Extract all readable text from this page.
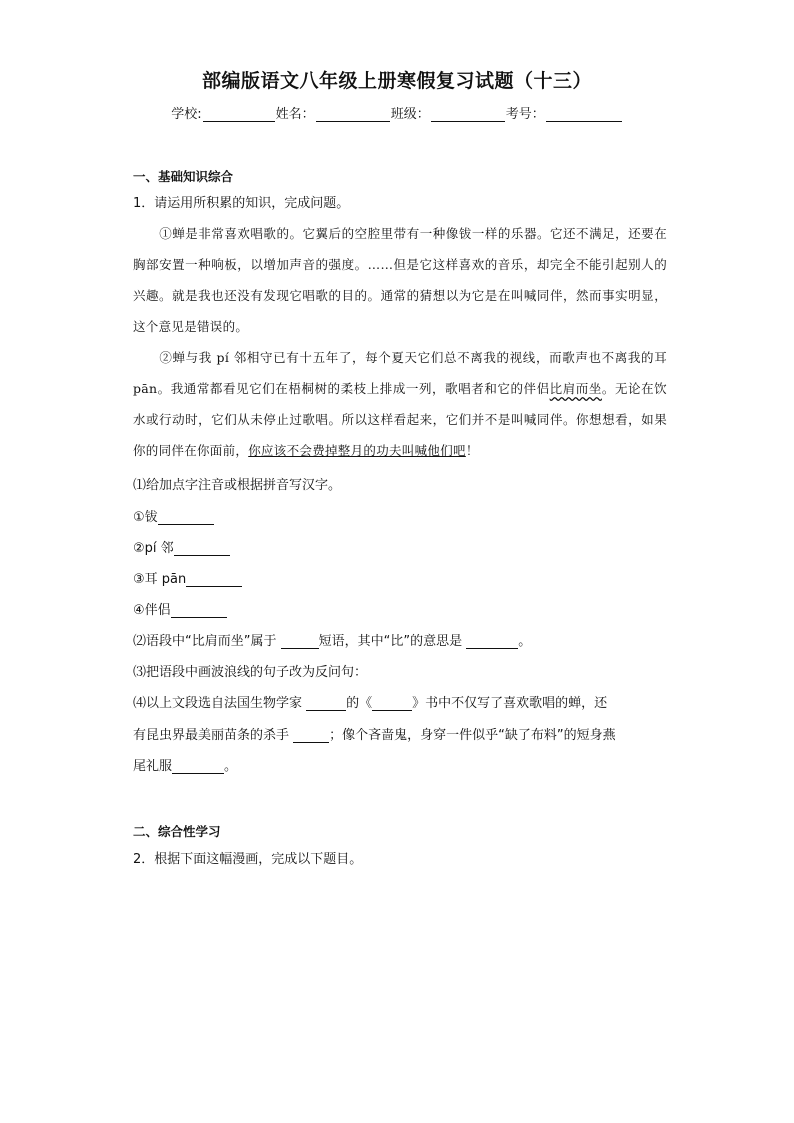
部编版语文八年级上册寒假复习试题（十三）
学校:	姓名：	班级：	考号：
一、基础知识综合
1．请运用所积累的知识，完成问题。
①蝉是非常喜欢唱歌的。它翼后的空腔里带有一种像钹一样的乐器。它还不满足，还要在胸部安置一种响板，以增加声音的强度。……但是它这样喜欢的音乐，却完全不能引起别人的兴趣。就是我也还没有发现它唱歌的目的。通常的猜想以为它是在叫喊同伴，然而事实明显，这个意见是错误的。
②蝉与我 pí 邻相守已有十五年了，每个夏天它们总不离我的视线，而歌声也不离我的耳 pān。我通常都看见它们在梧桐树的柔枝上排成一列，歌唱者和它的伴侣比肩而坐。无论在饮水或行动时，它们从未停止过歌唱。所以这样看起来，它们并不是叫喊同伴。你想想看，如果你的同伴在你面前，你应该不会费掉整月的功夫叫喊他们吧！
⑴给加点字注音或根据拼音写汉字。
①钹
②pí 邻
③耳 pān
④伴侣
⑵语段中“比肩而坐”属于	短语，其中“比”的意思是	。
⑶把语段中画波浪线的句子改为反问句：
⑷以上文段选自法国生物学家	的《	》书中不仅写了喜欢歌唱的蝉，还
有昆虫界最美丽苗条的杀手	；像个吝啬鬼，身穿一件似乎“缺了布料”的短身燕
尾礼服	。
二、综合性学习
2．根据下面这幅漫画，完成以下题目。
